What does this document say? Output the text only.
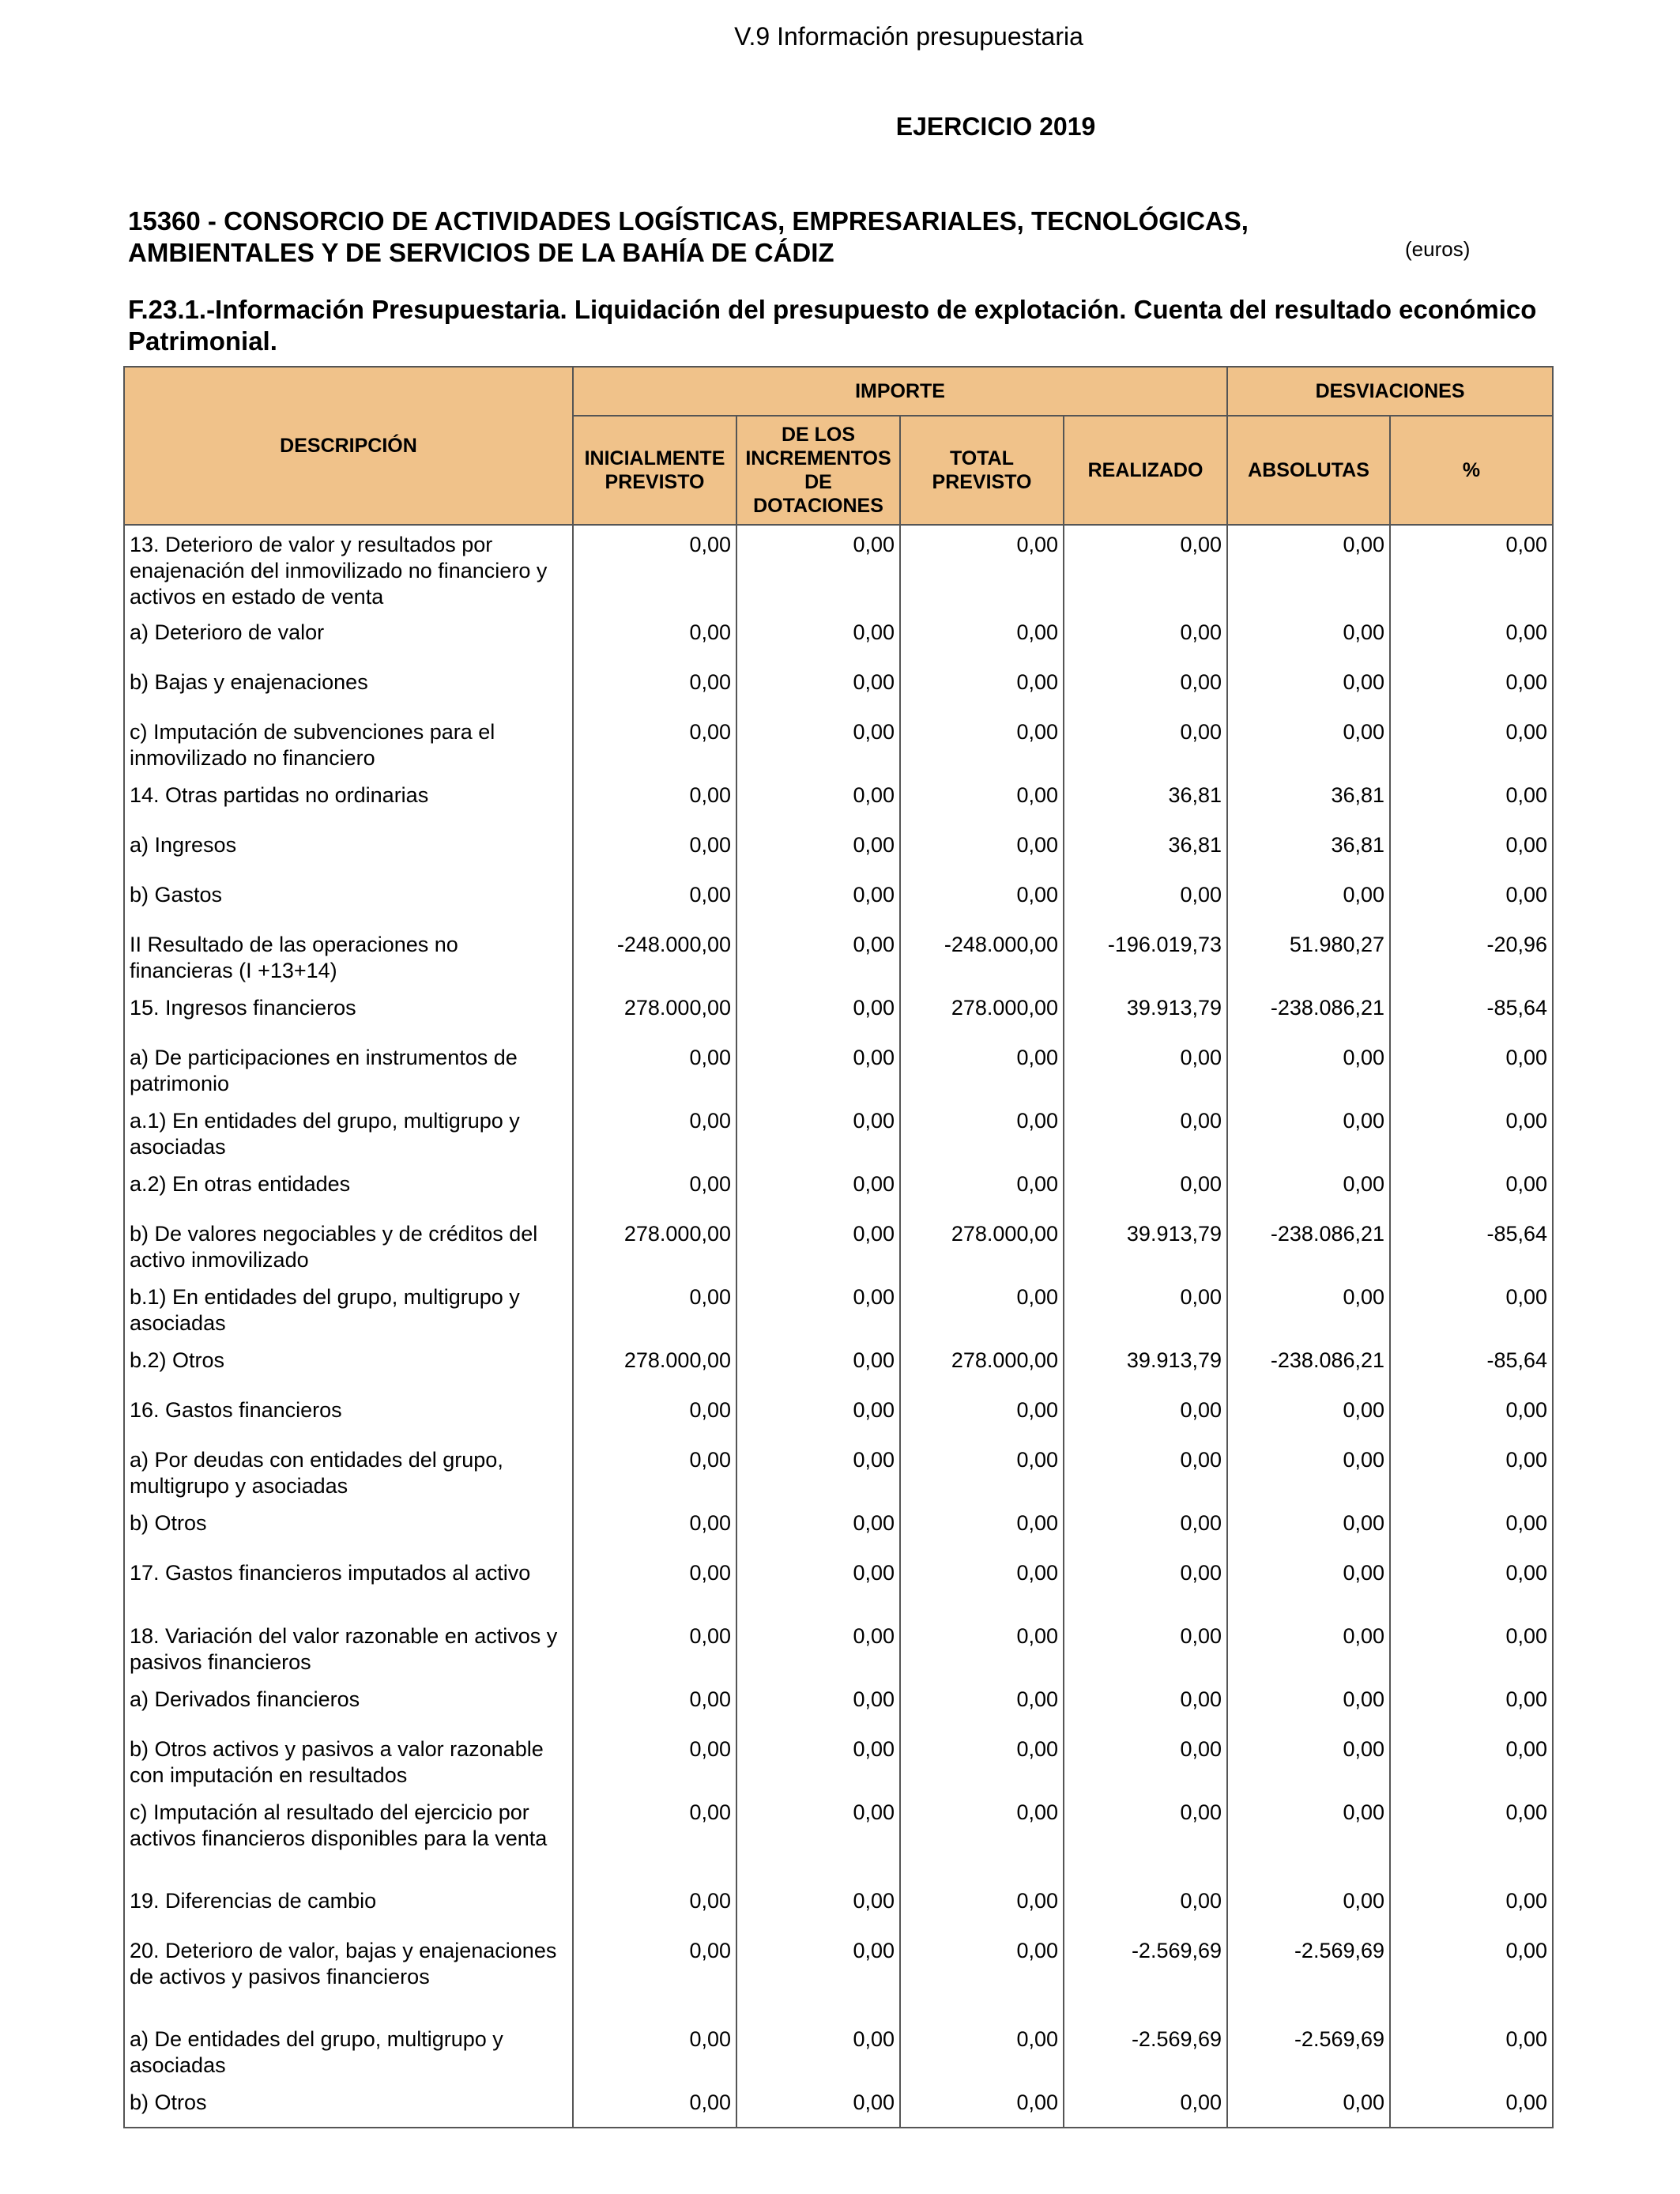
V.9 Información presupuestaria
EJERCICIO 2019
15360 - CONSORCIO DE ACTIVIDADES LOGÍSTICAS, EMPRESARIALES, TECNOLÓGICAS, AMBIENTALES Y DE SERVICIOS DE LA BAHÍA DE CÁDIZ	(euros)
F.23.1.-Información Presupuestaria. Liquidación del presupuesto de explotación. Cuenta del resultado económico Patrimonial.
DESCRIPCIÓN	IMPORTE				DESVIACIONES	
	INICIALMENTE PREVISTO	DE LOS INCREMENTOS DE DOTACIONES	TOTAL PREVISTO	REALIZADO	ABSOLUTAS	%
13. Deterioro de valor y resultados por enajenación del inmovilizado no financiero y activos en estado de venta	0,00	0,00	0,00	0,00	0,00	0,00
a) Deterioro de valor	0,00	0,00	0,00	0,00	0,00	0,00
b) Bajas y enajenaciones	0,00	0,00	0,00	0,00	0,00	0,00
c) Imputación de subvenciones para el inmovilizado no financiero	0,00	0,00	0,00	0,00	0,00	0,00
14. Otras partidas no ordinarias	0,00	0,00	0,00	36,81	36,81	0,00
a) Ingresos	0,00	0,00	0,00	36,81	36,81	0,00
b) Gastos	0,00	0,00	0,00	0,00	0,00	0,00
II Resultado de las operaciones no financieras (I +13+14)	-248.000,00	0,00	-248.000,00	-196.019,73	51.980,27	-20,96
15. Ingresos financieros	278.000,00	0,00	278.000,00	39.913,79	-238.086,21	-85,64
a) De participaciones en instrumentos de patrimonio	0,00	0,00	0,00	0,00	0,00	0,00
a.1) En entidades del grupo, multigrupo y asociadas	0,00	0,00	0,00	0,00	0,00	0,00
a.2) En otras entidades	0,00	0,00	0,00	0,00	0,00	0,00
b) De valores negociables y de créditos del activo inmovilizado	278.000,00	0,00	278.000,00	39.913,79	-238.086,21	-85,64
b.1) En entidades del grupo, multigrupo y asociadas	0,00	0,00	0,00	0,00	0,00	0,00
b.2) Otros	278.000,00	0,00	278.000,00	39.913,79	-238.086,21	-85,64
16. Gastos financieros	0,00	0,00	0,00	0,00	0,00	0,00
a) Por deudas con entidades del grupo, multigrupo y asociadas	0,00	0,00	0,00	0,00	0,00	0,00
b) Otros	0,00	0,00	0,00	0,00	0,00	0,00
17. Gastos financieros imputados al activo	0,00	0,00	0,00	0,00	0,00	0,00
18. Variación del valor razonable en activos y pasivos financieros	0,00	0,00	0,00	0,00	0,00	0,00
a) Derivados financieros	0,00	0,00	0,00	0,00	0,00	0,00
b) Otros activos y pasivos a valor razonable con imputación en resultados	0,00	0,00	0,00	0,00	0,00	0,00
c) Imputación al resultado del ejercicio por activos financieros disponibles para la venta	0,00	0,00	0,00	0,00	0,00	0,00
19. Diferencias de cambio	0,00	0,00	0,00	0,00	0,00	0,00
20. Deterioro de valor, bajas y enajenaciones de activos y pasivos financieros	0,00	0,00	0,00	-2.569,69	-2.569,69	0,00
a) De entidades del grupo, multigrupo y asociadas	0,00	0,00	0,00	-2.569,69	-2.569,69	0,00
b) Otros	0,00	0,00	0,00	0,00	0,00	0,00
